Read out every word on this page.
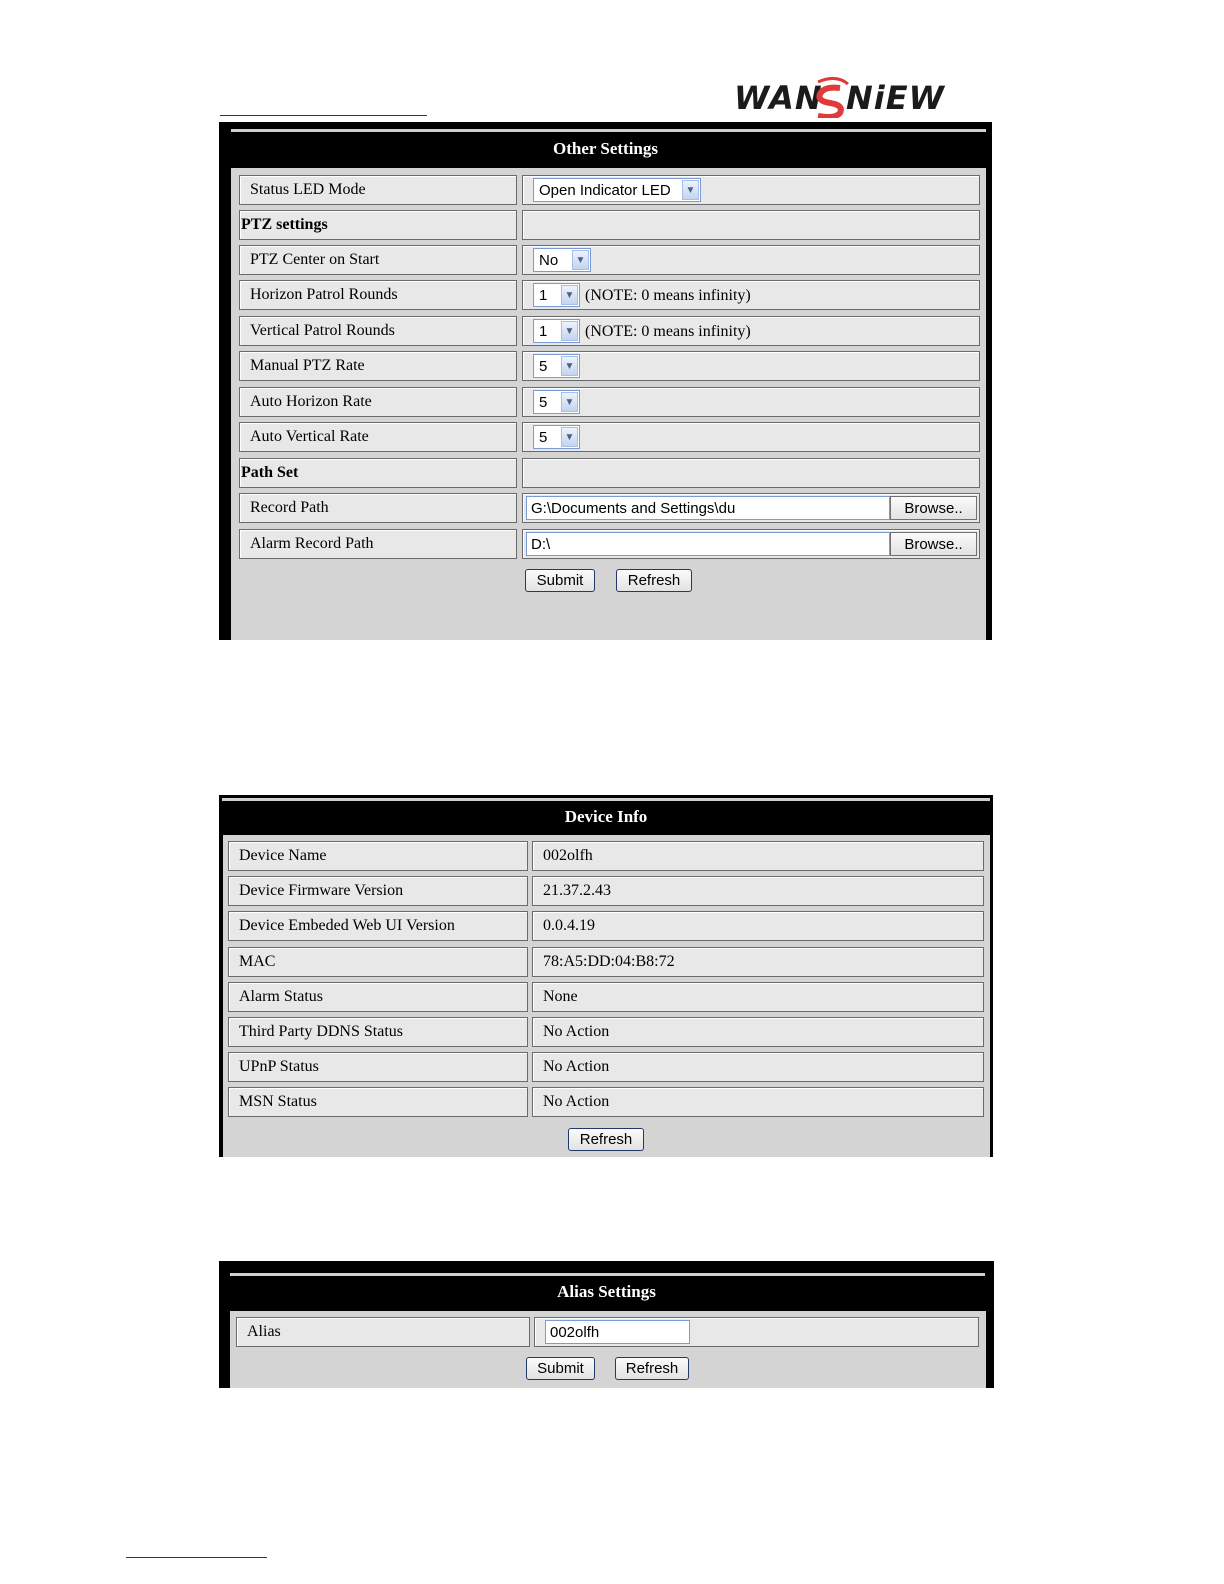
WAN NiEW
Other Settings
Status LED Mode	Open Indicator LED	▼
PTZ settings
PTZ Center on Start	No	▼
Horizon Patrol Rounds	1	▼ (NOTE: 0 means infinity)
Vertical Patrol Rounds	1	▼ (NOTE: 0 means infinity)
Manual PTZ Rate	5	▼
Auto Horizon Rate	5	▼
Auto Vertical Rate	5	▼
Path Set
Record Path	G:\Documents and Settings\du	Browse..
Alarm Record Path	D:\	Browse..
Submit	Refresh
Device Info
Device Name	002olfh
Device Firmware Version	21.37.2.43
Device Embeded Web UI Version	0.0.4.19
MAC	78:A5:DD:04:B8:72
Alarm Status	None
Third Party DDNS Status	No Action
UPnP Status	No Action
MSN Status	No Action
Refresh
Alias Settings
Alias	002olfh
Submit	Refresh
